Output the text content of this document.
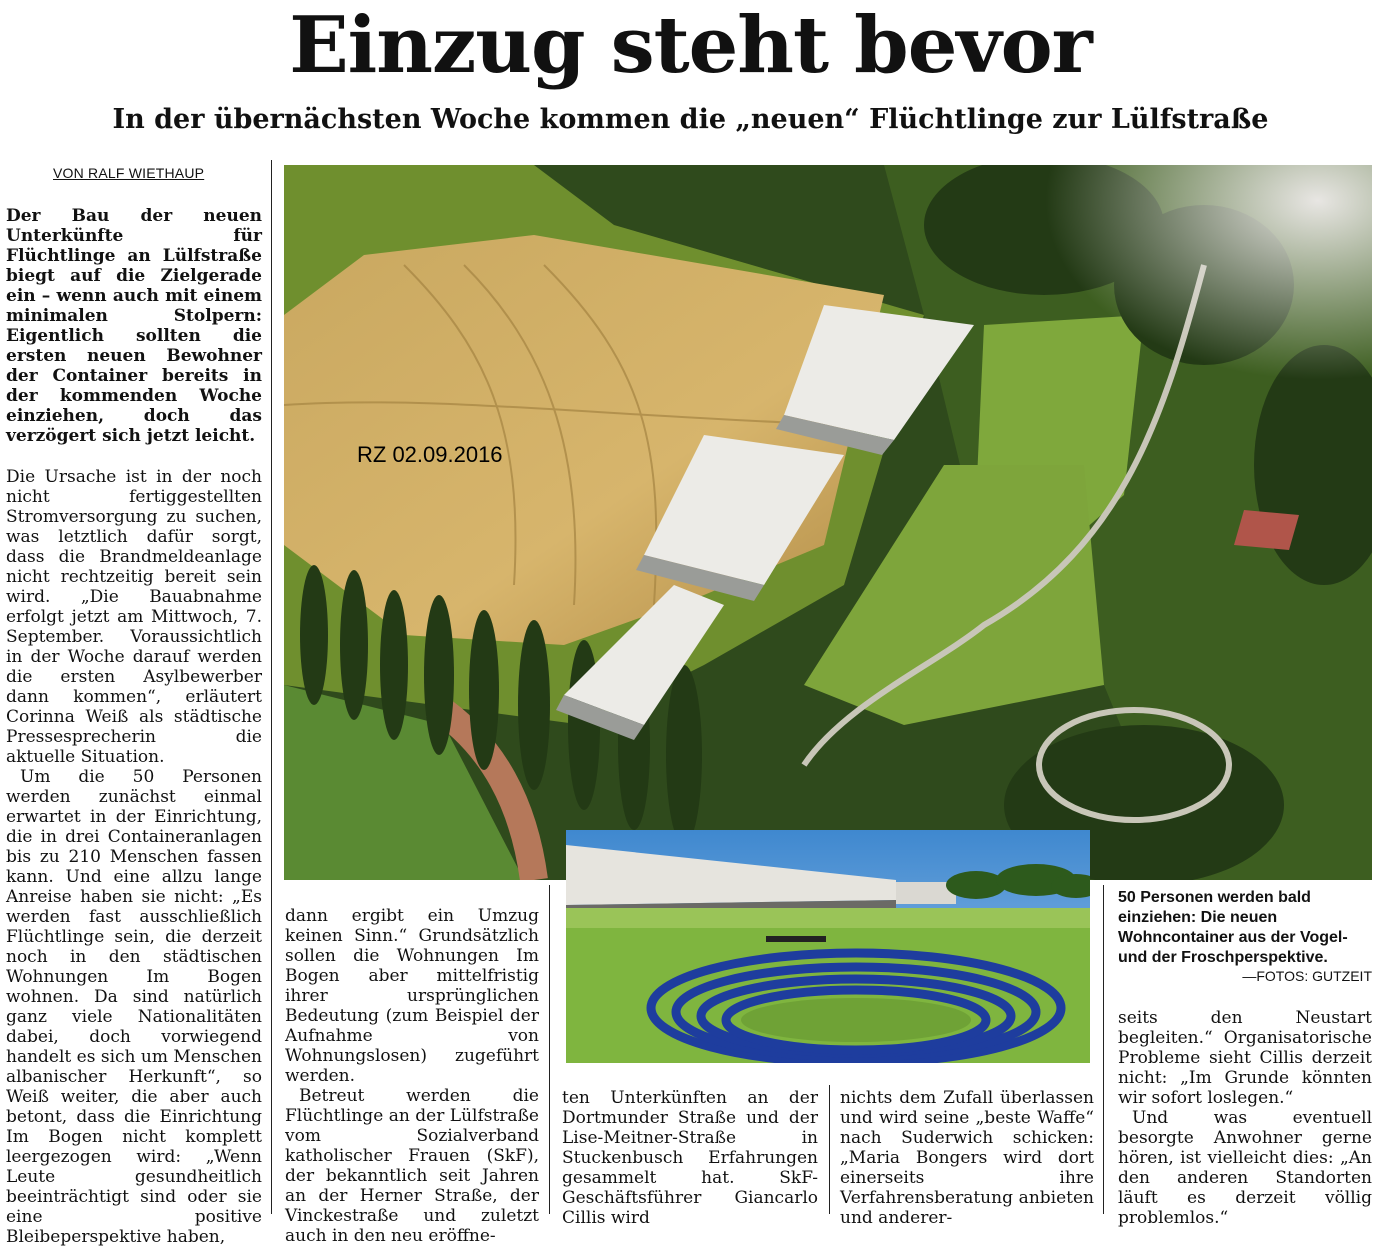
Einzug steht bevor
In der übernächsten Woche kommen die „neuen“ Flüchtlinge zur Lülfstraße
VON RALF WIETHAUP
Der Bau der neuen Unterkünfte für Flüchtlinge an Lülfstraße biegt auf die Zielgerade ein – wenn auch mit einem minimalen Stolpern: Eigentlich sollten die ersten neuen Bewohner der Container bereits in der kommenden Woche einziehen, doch das verzögert sich jetzt leicht.

Die Ursache ist in der noch nicht fertiggestellten Stromversorgung zu suchen, was letztlich dafür sorgt, dass die Brandmeldeanlage nicht rechtzeitig bereit sein wird. „Die Bauabnahme erfolgt jetzt am Mittwoch, 7. September. Voraussichtlich in der Woche darauf werden die ersten Asylbewerber dann kommen“, erläutert Corinna Weiß als städtische Pressesprecherin die aktuelle Situation.

Um die 50 Personen werden zunächst einmal erwartet in der Einrichtung, die in drei Containeranlagen bis zu 210 Menschen fassen kann. Und eine allzu lange Anreise haben sie nicht: „Es werden fast ausschließlich Flüchtlinge sein, die derzeit noch in den städtischen Wohnungen Im Bogen wohnen. Da sind natürlich ganz viele Nationalitäten dabei, doch vorwiegend handelt es sich um Menschen albanischer Herkunft“, so Weiß weiter, die aber auch betont, dass die Einrichtung Im Bogen nicht komplett leergezogen wird: „Wenn Leute gesundheitlich beeinträchtigt sind oder sie eine positive Bleibeperspektive haben,

RZ 02.09.2016
50 Personen werden bald einziehen: Die neuen Wohncontainer aus der Vogel- und der Froschperspektive.
—FOTOS: GUTZEIT

dann ergibt ein Umzug keinen Sinn.“ Grundsätzlich sollen die Wohnungen Im Bogen aber mittelfristig ihrer ursprünglichen Bedeutung (zum Beispiel der Aufnahme von Wohnungslosen) zugeführt werden.

Betreut werden die Flüchtlinge an der Lülfstraße vom Sozialverband katholischer Frauen (SkF), der bekanntlich seit Jahren an der Herner Straße, der Vinckestraße und zuletzt auch in den neu eröffne-

ten Unterkünften an der Dortmunder Straße und der Lise-Meitner-Straße in Stuckenbusch Erfahrungen gesammelt hat. SkF-Geschäftsführer Giancarlo Cillis wird

nichts dem Zufall überlassen und wird seine „beste Waffe“ nach Suderwich schicken: „Maria Bongers wird dort einerseits ihre Verfahrensberatung anbieten und anderer-

seits den Neustart begleiten.“ Organisatorische Probleme sieht Cillis derzeit nicht: „Im Grunde könnten wir sofort loslegen.“

Und was eventuell besorgte Anwohner gerne hören, ist vielleicht dies: „An den anderen Standorten läuft es derzeit völlig problemlos.“
